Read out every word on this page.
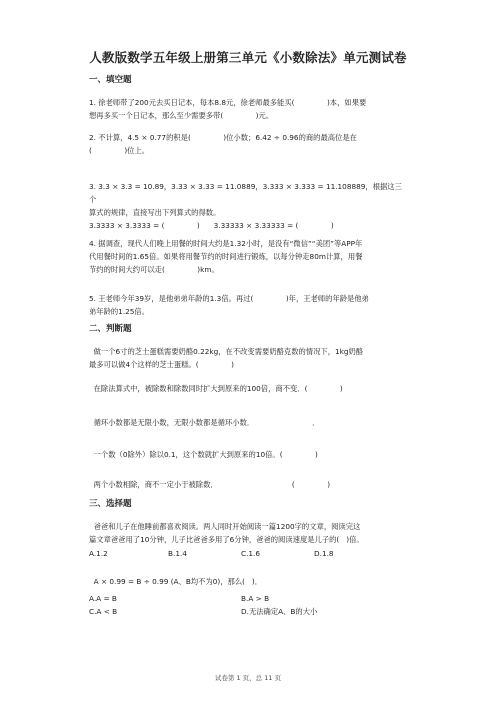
人教版数学五年级上册第三单元《小数除法》单元测试卷
一、填空题
1. 徐老师带了200元去买日记本，每本8.8元，徐老师最多能买(              )本，如果要
想再多买一个日记本，那么至少需要多带(              )元。
2. 不计算，4.5 × 0.77的积是(              )位小数；6.42 ÷ 0.96的商的最高位是在
(              )位上。
3. 3.3 × 3.3 = 10.89，3.33 × 3.33 = 11.0889，3.333 × 3.333 = 11.108889，根据这三个
算式的规律，直接写出下列算式的得数。
3.3333 × 3.3333 = (              )      3.33333 × 3.33333 = (              )
4. 据调查，现代人们晚上用餐的时间大约是1.32小时，是没有“微信”“美团”等APP年
代用餐时间的1.65倍。如果将用餐节约的时间进行锻炼，以每分钟走80m计算，用餐
节约的时间大约可以走(              )km。
5. 王老师今年39岁，是他弟弟年龄的1.3倍。再过(              )年，王老师的年龄是他弟
弟年龄的1.25倍。
二、判断题
做一个6寸的芝士蛋糕需要奶酪0.22kg，在不改变需要奶酪克数的情况下，1kg奶酪
最多可以做4个这样的芝士蛋糕。(              )
在除法算式中，被除数和除数同时扩大到原来的100倍，商不变．(              )
循环小数都是无限小数，无限小数都是循环小数．                         ．
一个数（0除外）除以0.1，这个数就扩大到原来的10倍。(              )
两个小数相除，商不一定小于被除数．                                (              )
三、选择题
爸爸和儿子在他睡前都喜欢阅读。两人同时开始阅读一篇1200字的文章，阅读完这
篇文章爸爸用了10分钟，儿子比爸爸多用了6分钟，爸爸的阅读速度是儿子的(   )倍。
A.1.2	B.1.4	C.1.6	D.1.8
A × 0.99 = B ÷ 0.99 (A、B均不为0)，那么(   )．
A.A = B	B.A > B
C.A < B	D.无法确定A、B的大小
试卷第 1 页，总 11 页
